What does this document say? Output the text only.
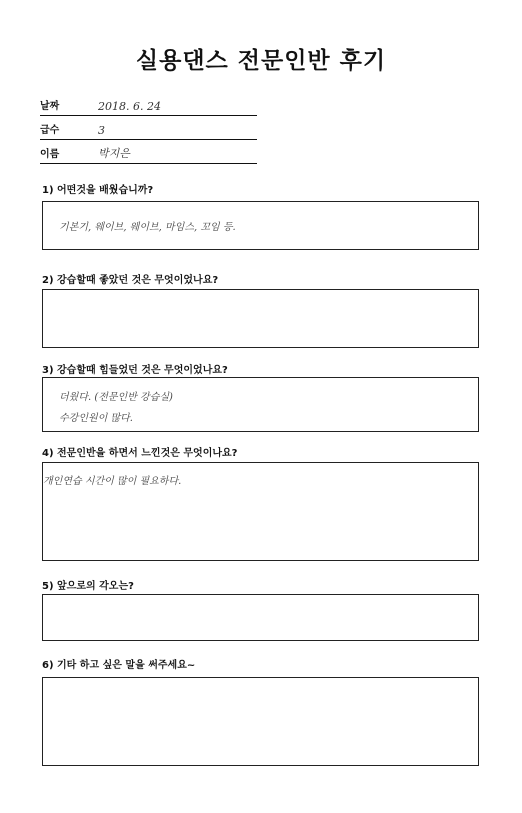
실용댄스 전문인반 후기
날짜	2018. 6. 24
급수	3
이름	박지은
1) 어떤것을 배웠습니까?
기본기, 웨이브, 웨이브, 마임스, 꼬임 등.
2) 강습할때 좋았던 것은 무엇이었나요?
3) 강습할때 힘들었던 것은 무엇이었나요?
더웠다. (전문인반 강습실)
수강인원이 많다.
4) 전문인반을 하면서 느낀것은 무엇이나요?
개인연습 시간이 많이 필요하다.
5) 앞으로의 각오는?
6) 기타 하고 싶은 말을 써주세요~
